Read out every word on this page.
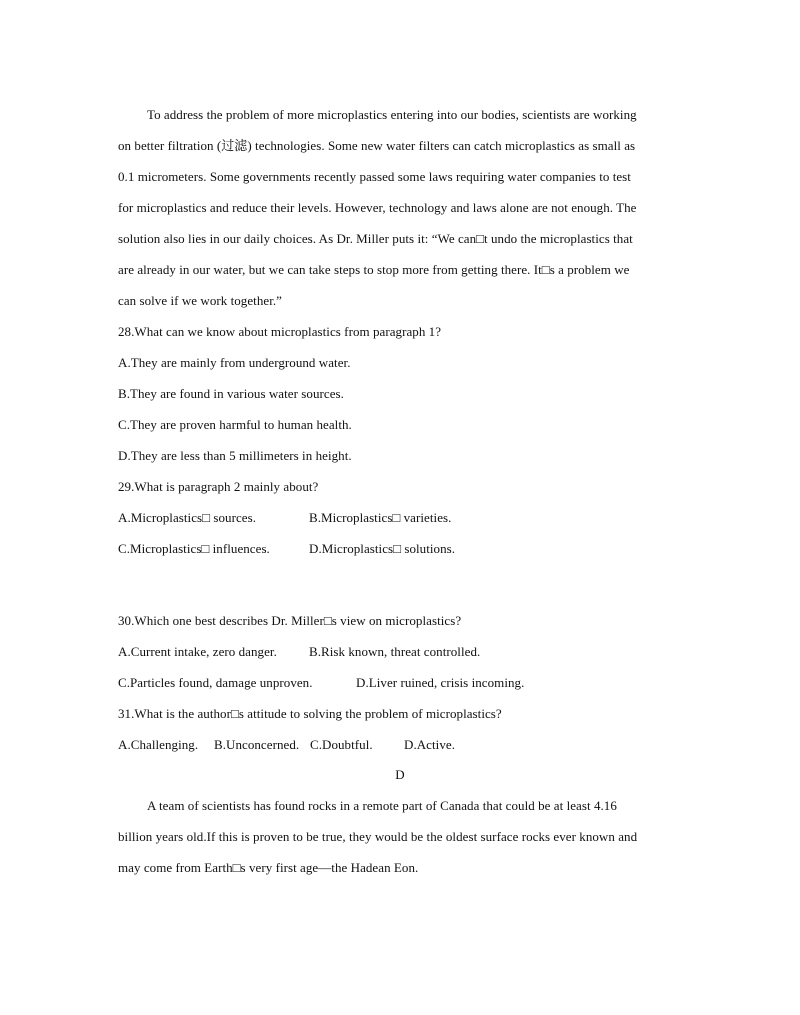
To address the problem of more microplastics entering into our bodies, scientists are working
on better filtration (过滤) technologies. Some new water filters can catch microplastics as small as
0.1 micrometers. Some governments recently passed some laws requiring water companies to test
for microplastics and reduce their levels. However, technology and laws alone are not enough. The
solution also lies in our daily choices. As Dr. Miller puts it: “We can□t undo the microplastics that
are already in our water, but we can take steps to stop more from getting there. It□s a problem we
can solve if we work together.”
28.What can we know about microplastics from paragraph 1?
A.They are mainly from underground water.
B.They are found in various water sources.
C.They are proven harmful to human health.
D.They are less than 5 millimeters in height.
29.What is paragraph 2 mainly about?
A.Microplastics□ sources.	B.Microplastics□ varieties.
C.Microplastics□ influences.	D.Microplastics□ solutions.
30.Which one best describes Dr. Miller□s view on microplastics?
A.Current intake, zero danger. B.Risk known, threat controlled.
C.Particles found, damage unproven.	D.Liver ruined, crisis incoming.
31.What is the author□s attitude to solving the problem of microplastics?
A.Challenging. B.Unconcerned. C.Doubtful. D.Active.
D
A team of scientists has found rocks in a remote part of Canada that could be at least 4.16
billion years old.If this is proven to be true, they would be the oldest surface rocks ever known and
may come from Earth□s very first age—the Hadean Eon.
